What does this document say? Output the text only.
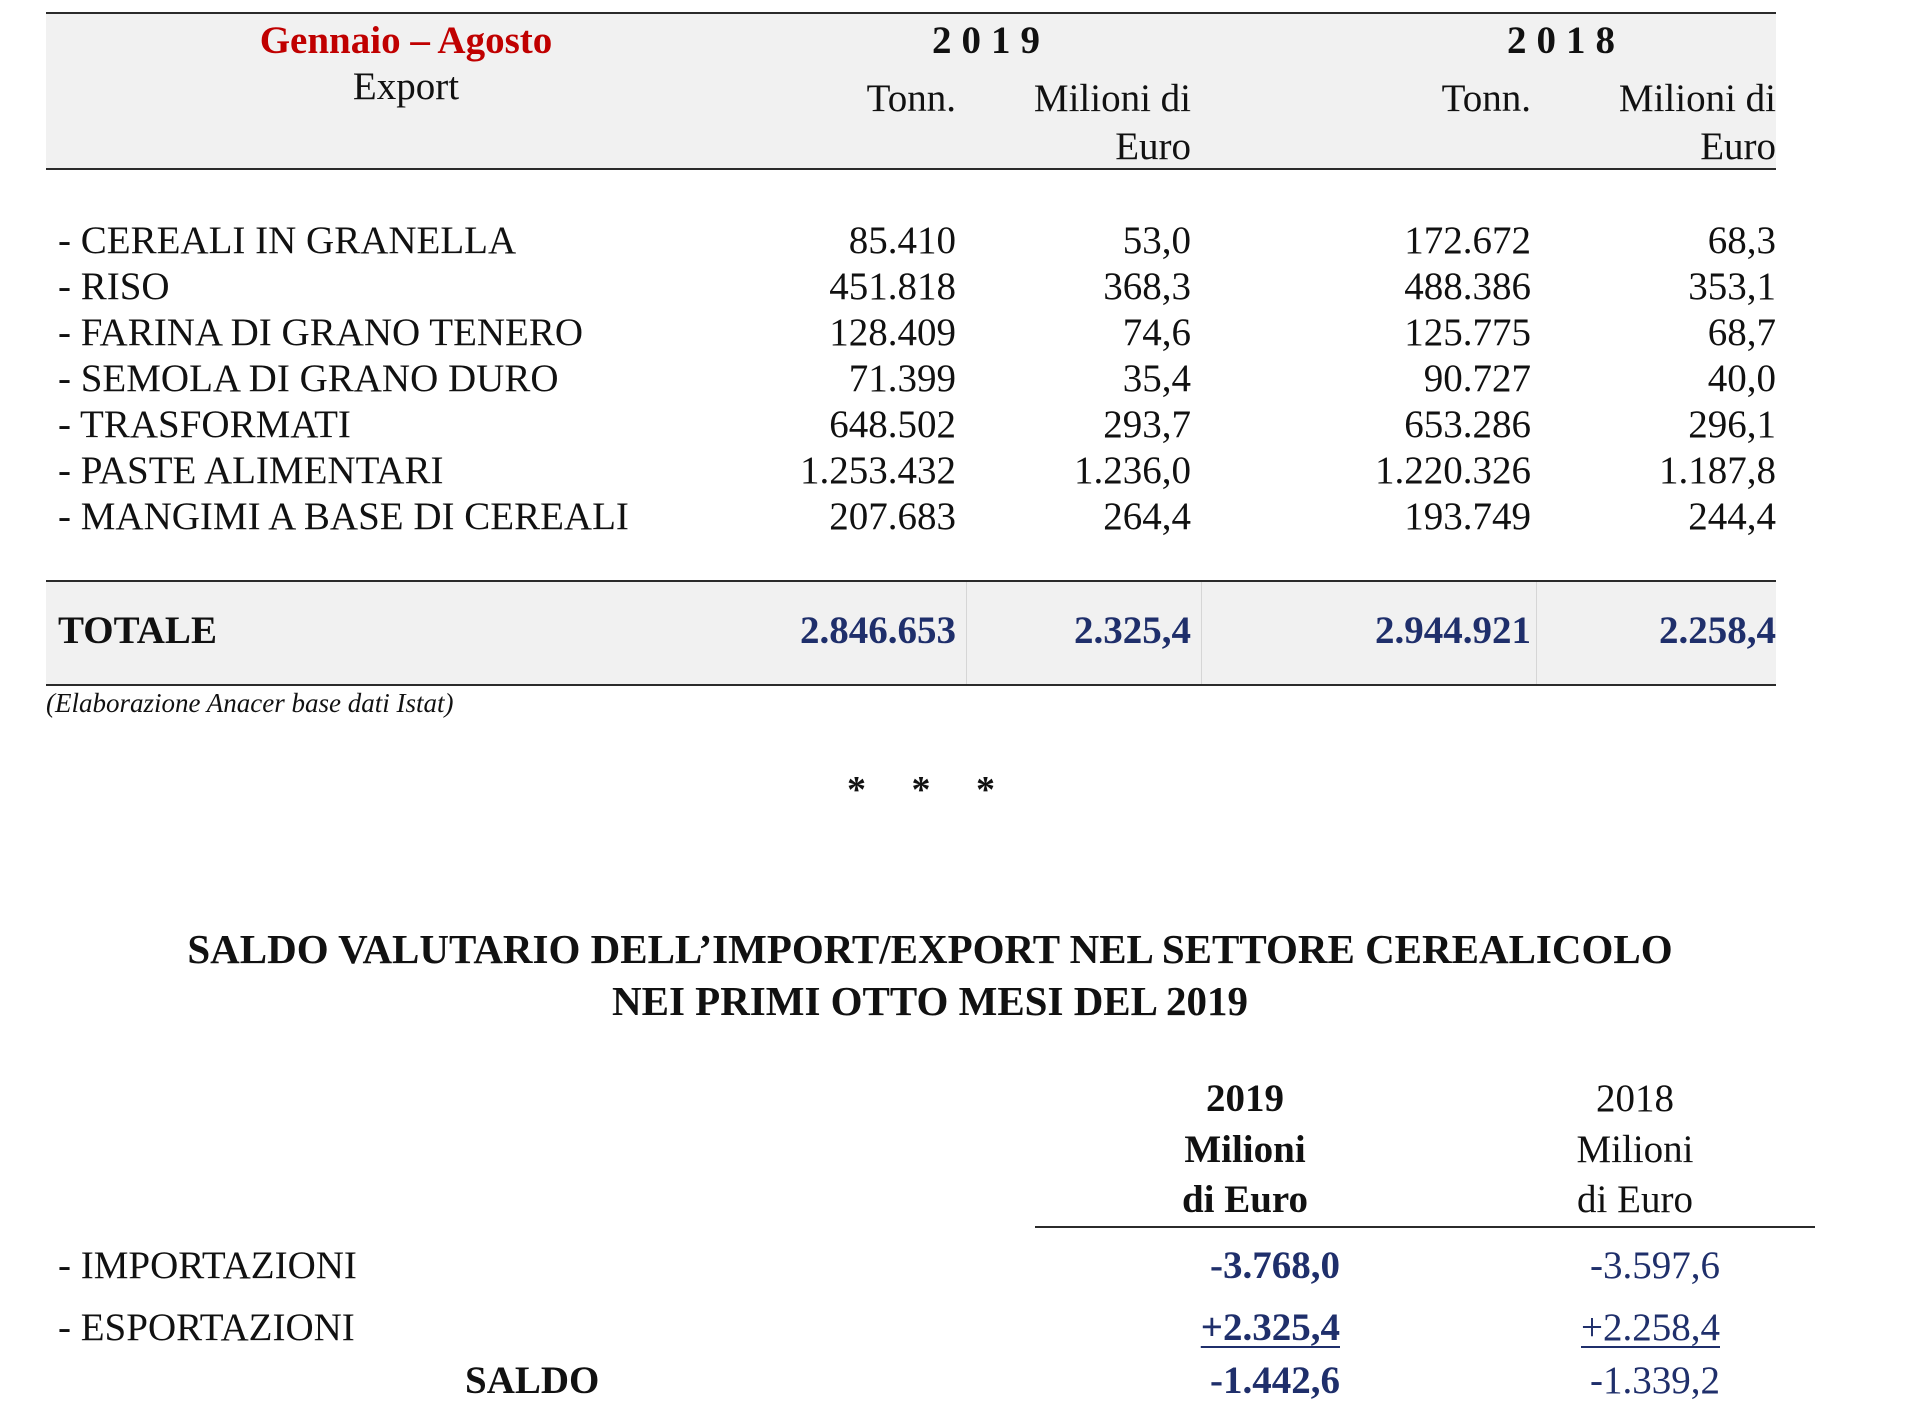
Gennaio – Agosto
Export
2019	2018
Tonn.	Milioni di
Euro
Tonn.	Milioni di
Euro
- CEREALI IN GRANELLA	85.410	53,0	172.672	68,3
- RISO	451.818	368,3	488.386	353,1
- FARINA DI GRANO TENERO	128.409	74,6	125.775	68,7
- SEMOLA DI GRANO DURO	71.399	35,4	90.727	40,0
- TRASFORMATI	648.502	293,7	653.286	296,1
- PASTE ALIMENTARI	1.253.432	1.236,0	1.220.326	1.187,8
- MANGIMI A BASE DI CEREALI	207.683	264,4	193.749	244,4
TOTALE	2.846.653	2.325,4	2.944.921	2.258,4
(Elaborazione Anacer base dati Istat)
* * *
SALDO VALUTARIO DELL’IMPORT/EXPORT NEL SETTORE CEREALICOLO
NEI PRIMI OTTO MESI DEL 2019
2019
Milioni
di Euro
2018
Milioni
di Euro
- IMPORTAZIONI	-3.768,0	-3.597,6
- ESPORTAZIONI	+2.325,4	+2.258,4
SALDO	-1.442,6	-1.339,2
